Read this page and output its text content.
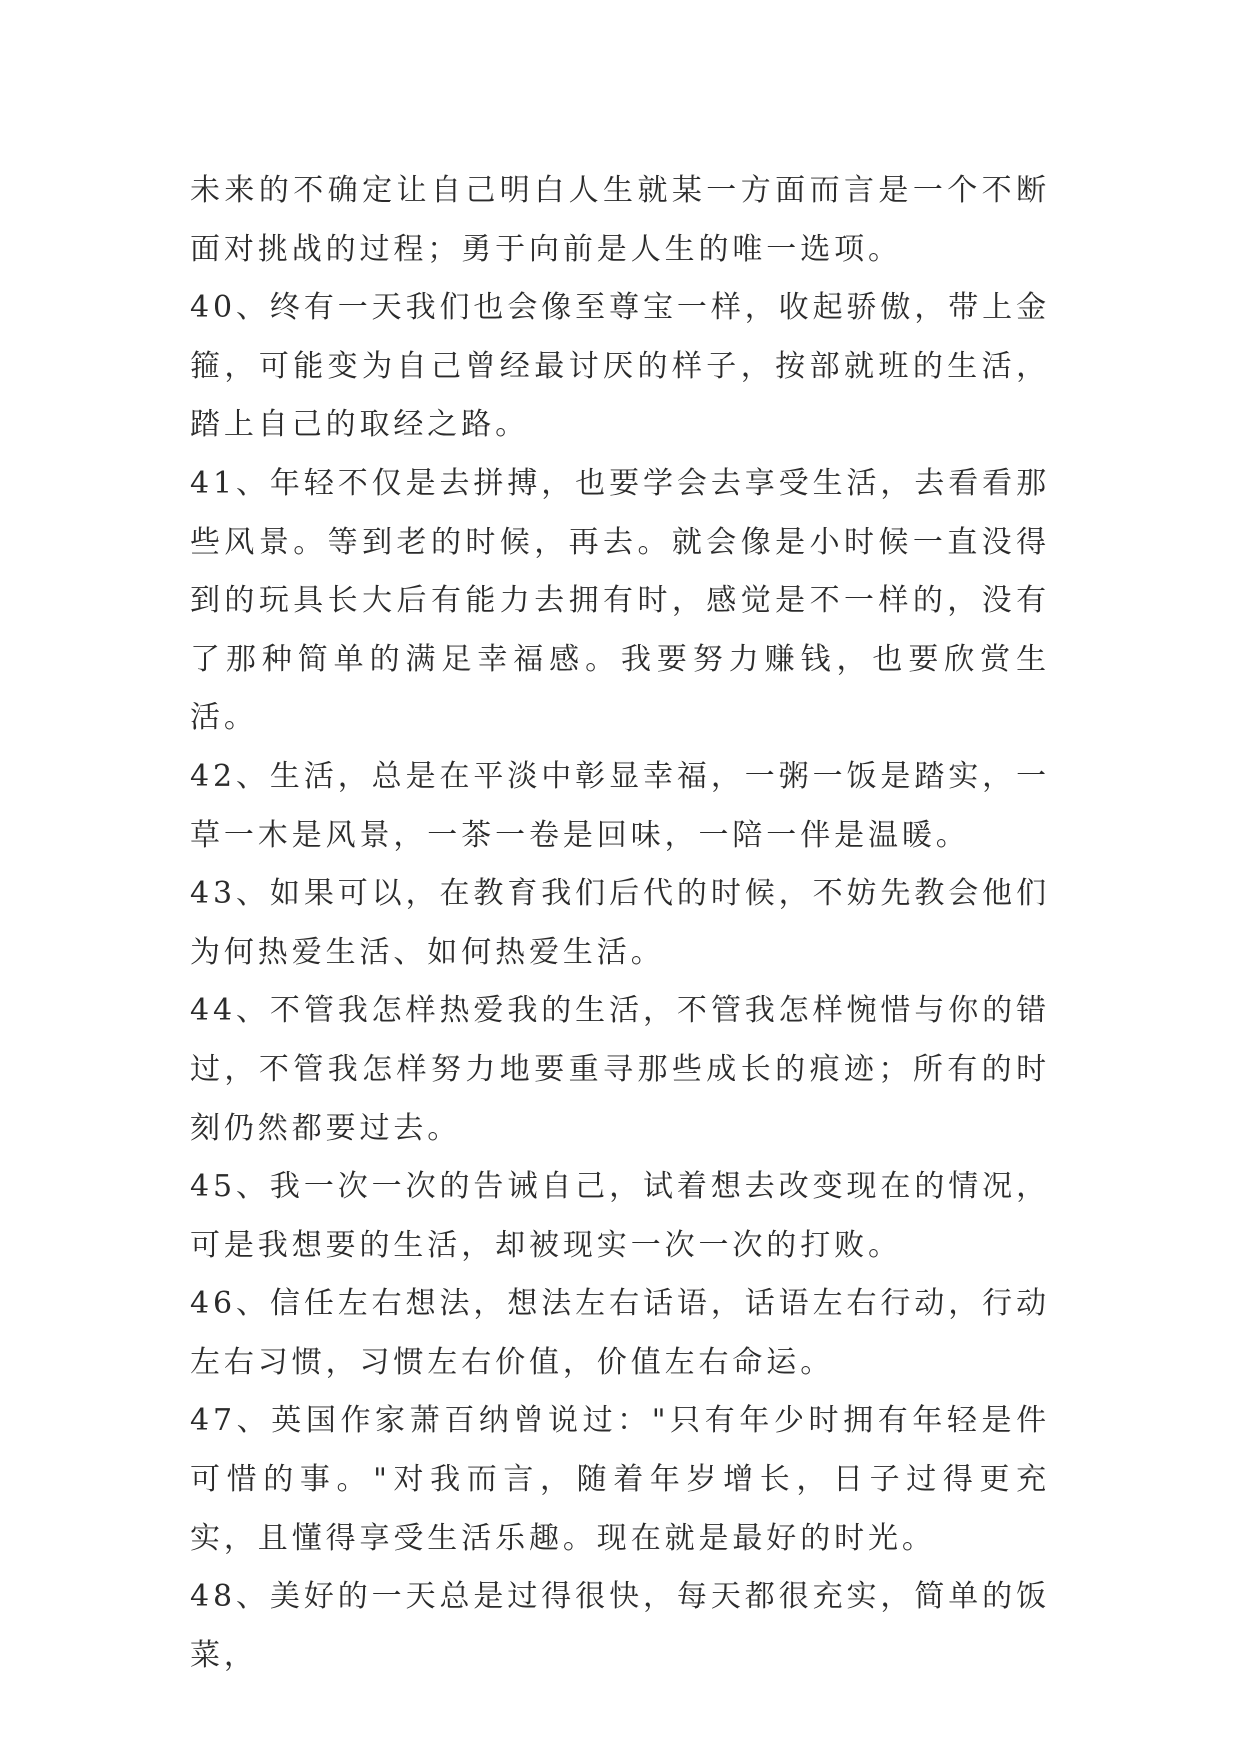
未来的不确定让自己明白人生就某一方面而言是一个不断面对挑战的过程；勇于向前是人生的唯一选项。

40、终有一天我们也会像至尊宝一样，收起骄傲，带上金箍，可能变为自己曾经最讨厌的样子，按部就班的生活，踏上自己的取经之路。

41、年轻不仅是去拼搏，也要学会去享受生活，去看看那些风景。等到老的时候，再去。就会像是小时候一直没得到的玩具长大后有能力去拥有时，感觉是不一样的，没有了那种简单的满足幸福感。我要努力赚钱，也要欣赏生活。

42、生活，总是在平淡中彰显幸福，一粥一饭是踏实，一草一木是风景，一茶一卷是回味，一陪一伴是温暖。

43、如果可以，在教育我们后代的时候，不妨先教会他们为何热爱生活、如何热爱生活。

44、不管我怎样热爱我的生活，不管我怎样惋惜与你的错过，不管我怎样努力地要重寻那些成长的痕迹；所有的时刻仍然都要过去。

45、我一次一次的告诫自己，试着想去改变现在的情况，可是我想要的生活，却被现实一次一次的打败。

46、信任左右想法，想法左右话语，话语左右行动，行动左右习惯，习惯左右价值，价值左右命运。

47、英国作家萧百纳曾说过："只有年少时拥有年轻是件可惜的事。"对我而言，随着年岁增长，日子过得更充实，且懂得享受生活乐趣。现在就是最好的时光。

48、美好的一天总是过得很快，每天都很充实，简单的饭菜，
